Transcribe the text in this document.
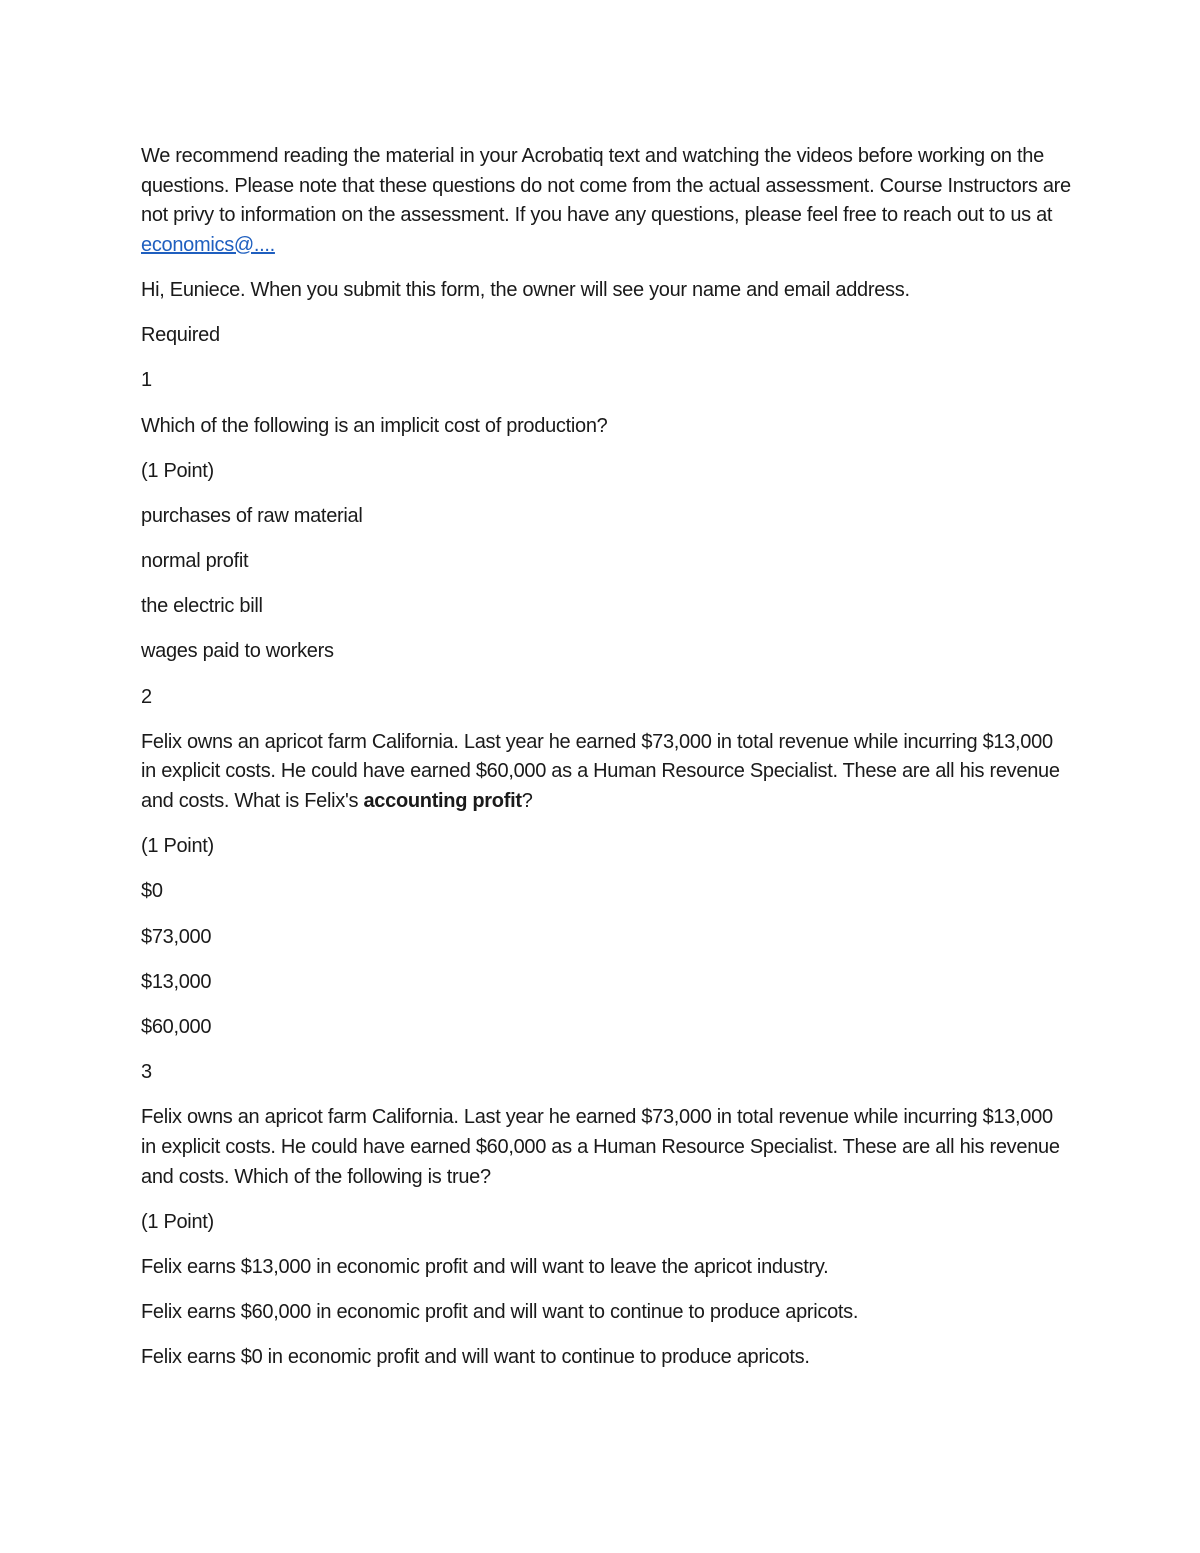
We recommend reading the material in your Acrobatiq text and watching the videos before working on the questions. Please note that these questions do not come from the actual assessment. Course Instructors are not privy to information on the assessment. If you have any questions, please feel free to reach out to us at economics@....

Hi, Euniece. When you submit this form, the owner will see your name and email address.

Required

1

Which of the following is an implicit cost of production?

(1 Point)

purchases of raw material

normal profit

the electric bill

wages paid to workers

2

Felix owns an apricot farm California. Last year he earned $73,000 in total revenue while incurring $13,000 in explicit costs. He could have earned $60,000 as a Human Resource Specialist. These are all his revenue and costs. What is Felix's accounting profit?

(1 Point)

$0

$73,000

$13,000

$60,000

3

Felix owns an apricot farm California. Last year he earned $73,000 in total revenue while incurring $13,000 in explicit costs. He could have earned $60,000 as a Human Resource Specialist. These are all his revenue and costs. Which of the following is true?

(1 Point)

Felix earns $13,000 in economic profit and will want to leave the apricot industry.

Felix earns $60,000 in economic profit and will want to continue to produce apricots.

Felix earns $0 in economic profit and will want to continue to produce apricots.
